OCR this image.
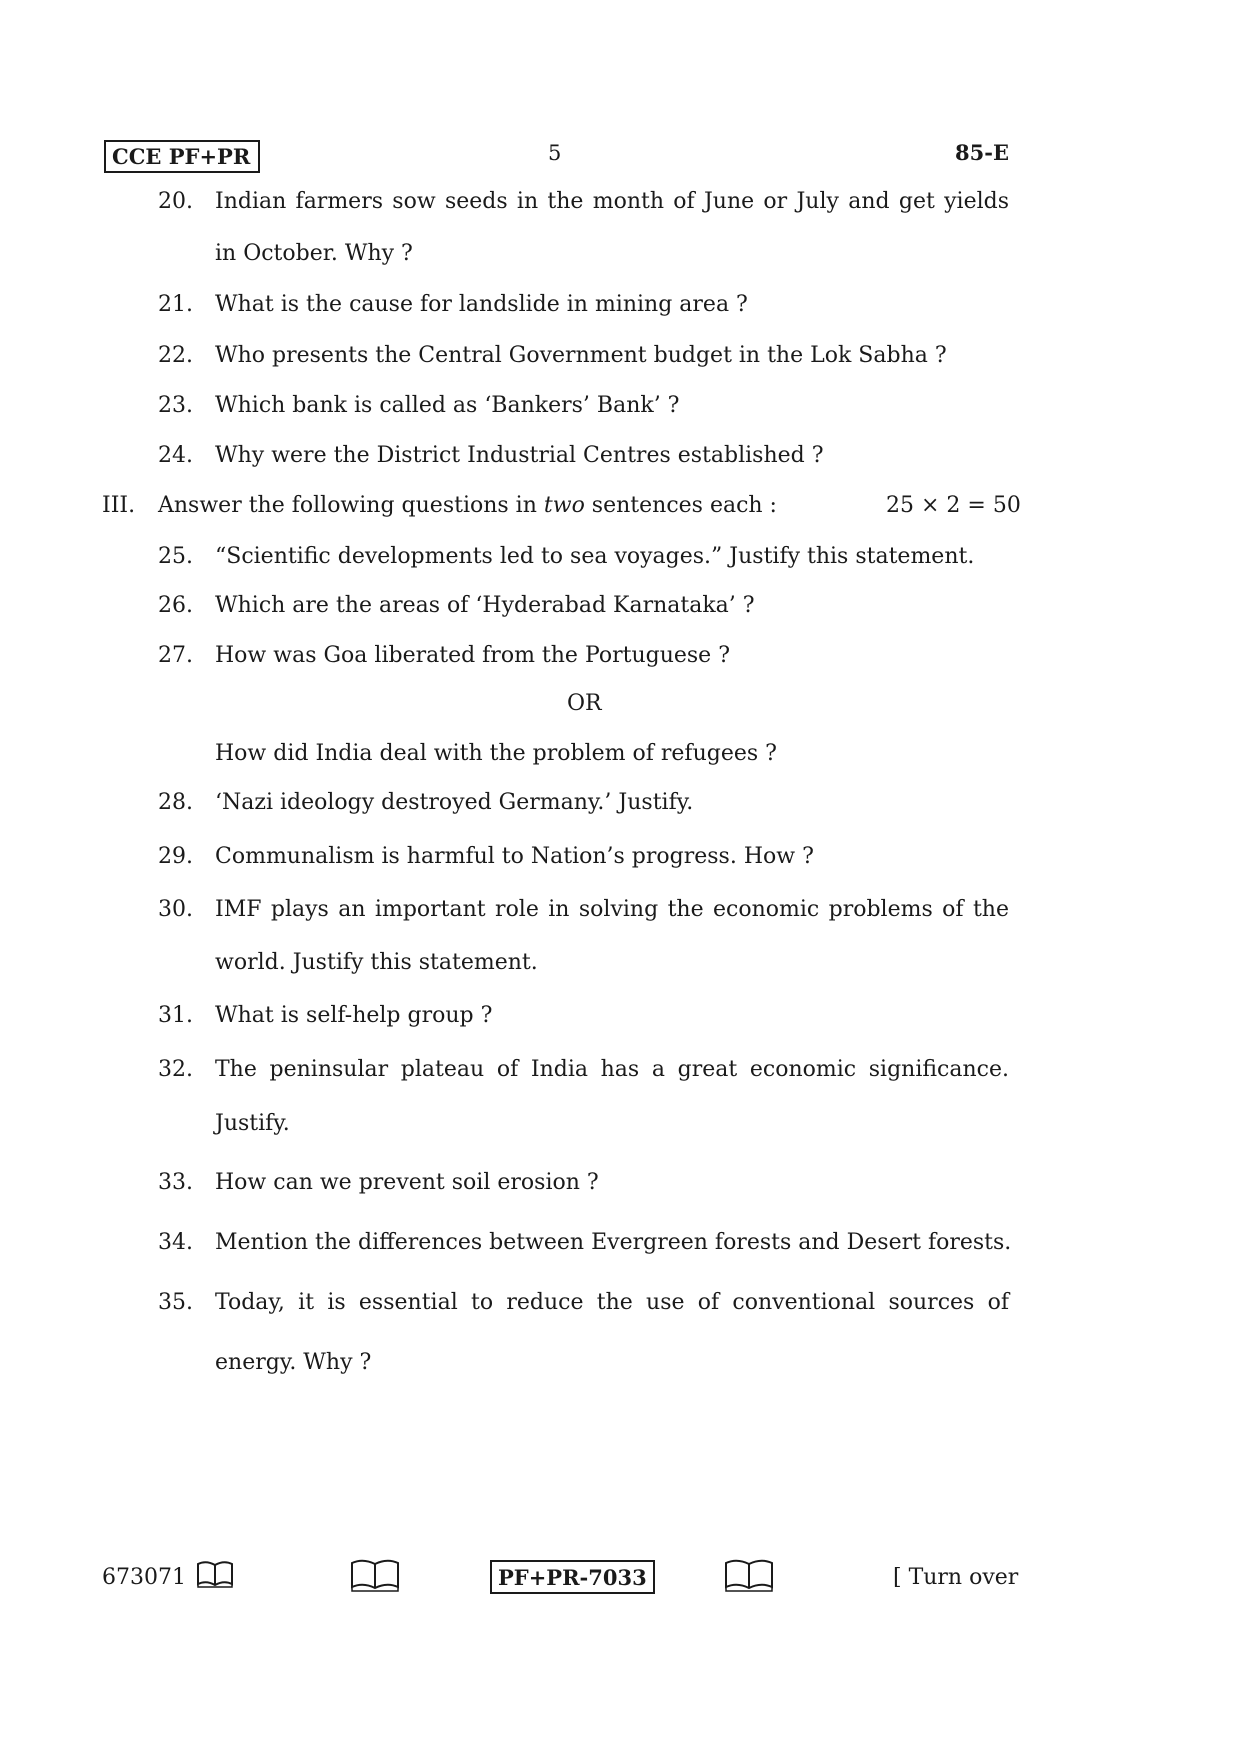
CCE PF+PR	5	85-E
20. Indian farmers sow seeds in the month of June or July and get yields
in October. Why ?
21. What is the cause for landslide in mining area ?
22. Who presents the Central Government budget in the Lok Sabha ?
23. Which bank is called as ‘Bankers’ Bank’ ?
24. Why were the District Industrial Centres established ?
III. Answer the following questions in two sentences each :	25 × 2 = 50
25. “Scientific developments led to sea voyages.” Justify this statement.
26. Which are the areas of ‘Hyderabad Karnataka’ ?
27. How was Goa liberated from the Portuguese ?
OR
How did India deal with the problem of refugees ?
28. ‘Nazi ideology destroyed Germany.’ Justify.
29. Communalism is harmful to Nation’s progress. How ?
30. IMF plays an important role in solving the economic problems of the
world. Justify this statement.
31. What is self-help group ?
32. The peninsular plateau of India has a great economic significance.
Justify.
33. How can we prevent soil erosion ?
34. Mention the differences between Evergreen forests and Desert forests.
35. Today, it is essential to reduce the use of conventional sources of
energy. Why ?
673071	PF+PR-7033	[ Turn over
